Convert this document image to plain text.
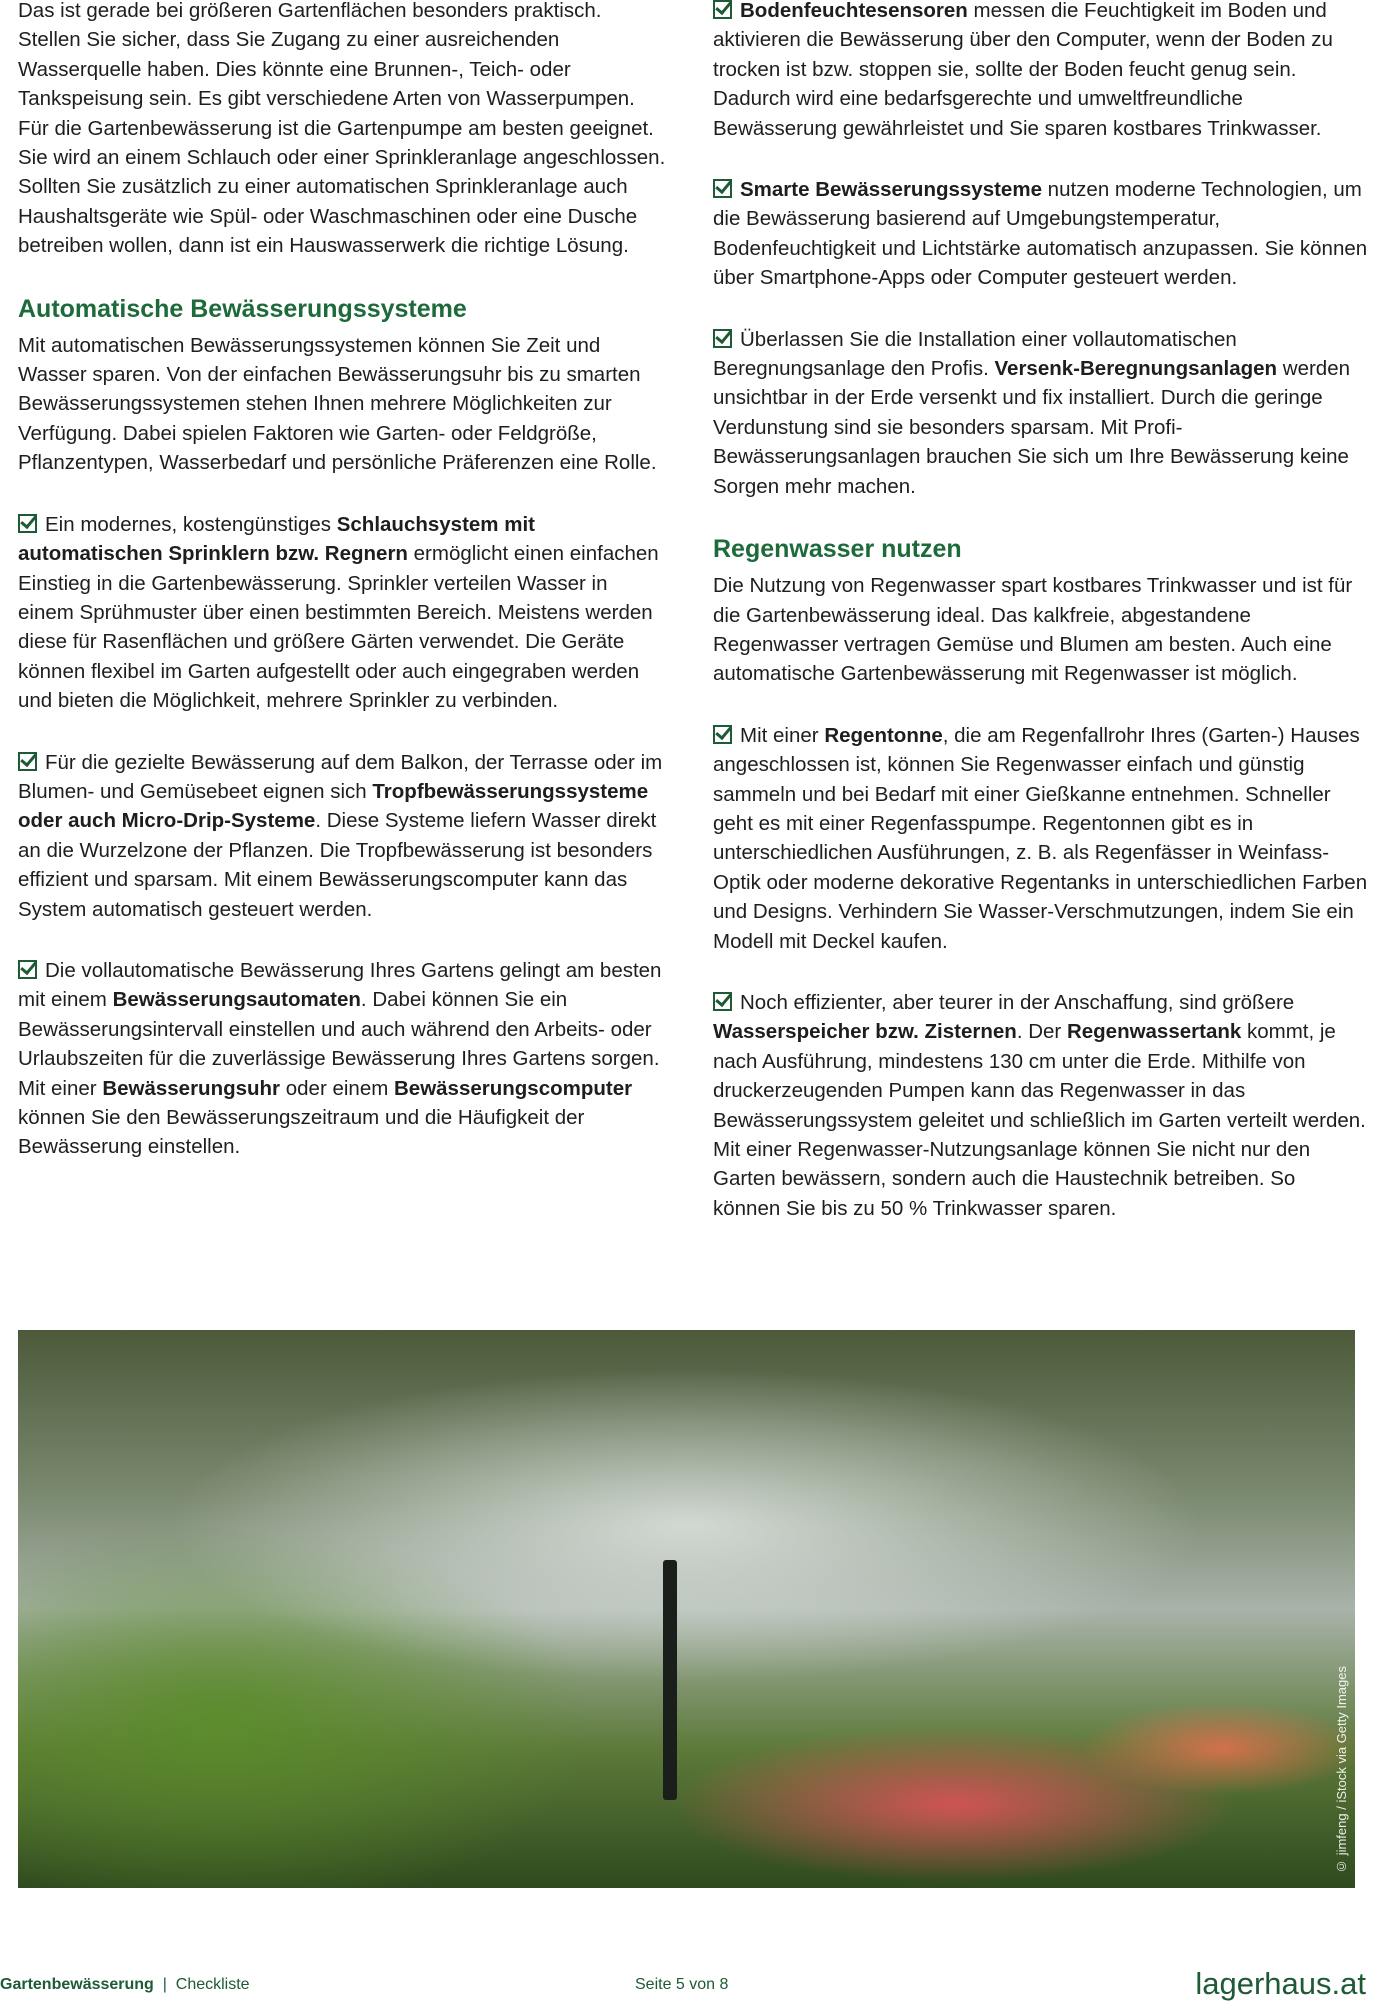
Das ist gerade bei größeren Gartenflächen besonders praktisch. Stellen Sie sicher, dass Sie Zugang zu einer ausreichenden Wasserquelle haben. Dies könnte eine Brunnen-, Teich- oder Tankspeisung sein. Es gibt verschiedene Arten von Wasserpumpen. Für die Gartenbewässerung ist die Gartenpumpe am besten geeignet. Sie wird an einem Schlauch oder einer Sprinkleranlage angeschlossen. Sollten Sie zusätzlich zu einer automatischen Sprinkleranlage auch Haushaltsgeräte wie Spül- oder Waschmaschinen oder eine Dusche betreiben wollen, dann ist ein Hauswasserwerk die richtige Lösung.

Automatische Bewässerungssysteme

Mit automatischen Bewässerungssystemen können Sie Zeit und Wasser sparen. Von der einfachen Bewässerungsuhr bis zu smarten Bewässerungssystemen stehen Ihnen mehrere Möglichkeiten zur Verfügung. Dabei spielen Faktoren wie Garten- oder Feldgröße, Pflanzentypen, Wasserbedarf und persönliche Präferenzen eine Rolle.

Ein modernes, kostengünstiges Schlauchsystem mit automatischen Sprinklern bzw. Regnern ermöglicht einen einfachen Einstieg in die Gartenbewässerung. Sprinkler verteilen Wasser in einem Sprühmuster über einen bestimmten Bereich. Meistens werden diese für Rasenflächen und größere Gärten verwendet. Die Geräte können flexibel im Garten aufgestellt oder auch eingegraben werden und bieten die Möglichkeit, mehrere Sprinkler zu verbinden.

Für die gezielte Bewässerung auf dem Balkon, der Terrasse oder im Blumen- und Gemüsebeet eignen sich Tropfbewässerungssysteme oder auch Micro-Drip-Systeme. Diese Systeme liefern Wasser direkt an die Wurzelzone der Pflanzen. Die Tropfbewässerung ist besonders effizient und sparsam. Mit einem Bewässerungscomputer kann das System automatisch gesteuert werden.

Die vollautomatische Bewässerung Ihres Gartens gelingt am besten mit einem Bewässerungsautomaten. Dabei können Sie ein Bewässerungsintervall einstellen und auch während den Arbeits- oder Urlaubszeiten für die zuverlässige Bewässerung Ihres Gartens sorgen. Mit einer Bewässerungsuhr oder einem Bewässerungscomputer können Sie den Bewässerungszeitraum und die Häufigkeit der Bewässerung einstellen.

Bodenfeuchtesensoren messen die Feuchtigkeit im Boden und aktivieren die Bewässerung über den Computer, wenn der Boden zu trocken ist bzw. stoppen sie, sollte der Boden feucht genug sein. Dadurch wird eine bedarfsgerechte und umweltfreundliche Bewässerung gewährleistet und Sie sparen kostbares Trinkwasser.

Smarte Bewässerungssysteme nutzen moderne Technologien, um die Bewässerung basierend auf Umgebungstemperatur, Bodenfeuchtigkeit und Lichtstärke automatisch anzupassen. Sie können über Smartphone-Apps oder Computer gesteuert werden.

Überlassen Sie die Installation einer vollautomatischen Beregnungsanlage den Profis. Versenk-Beregnungsanlagen werden unsichtbar in der Erde versenkt und fix installiert. Durch die geringe Verdunstung sind sie besonders sparsam. Mit Profi-Bewässerungsanlagen brauchen Sie sich um Ihre Bewässerung keine Sorgen mehr machen.

Regenwasser nutzen

Die Nutzung von Regenwasser spart kostbares Trinkwasser und ist für die Gartenbewässerung ideal. Das kalkfreie, abgestandene Regenwasser vertragen Gemüse und Blumen am besten. Auch eine automatische Gartenbewässerung mit Regenwasser ist möglich.

Mit einer Regentonne, die am Regenfallrohr Ihres (Garten-) Hauses angeschlossen ist, können Sie Regenwasser einfach und günstig sammeln und bei Bedarf mit einer Gießkanne entnehmen. Schneller geht es mit einer Regenfasspumpe. Regentonnen gibt es in unterschiedlichen Ausführungen, z. B. als Regenfässer in Weinfass-Optik oder moderne dekorative Regentanks in unterschiedlichen Farben und Designs. Verhindern Sie Wasser-Verschmutzungen, indem Sie ein Modell mit Deckel kaufen.

Noch effizienter, aber teurer in der Anschaffung, sind größere Wasserspeicher bzw. Zisternen. Der Regenwassertank kommt, je nach Ausführung, mindestens 130 cm unter die Erde. Mithilfe von druckerzeugenden Pumpen kann das Regenwasser in das Bewässerungssystem geleitet und schließlich im Garten verteilt werden. Mit einer Regenwasser-Nutzungsanlage können Sie nicht nur den Garten bewässern, sondern auch die Haustechnik betreiben. So können Sie bis zu 50 % Trinkwasser sparen.

© jimfeng / iStock via Getty Images
Gartenbewässerung | Checkliste	Seite 5 von 8	lagerhaus.at
